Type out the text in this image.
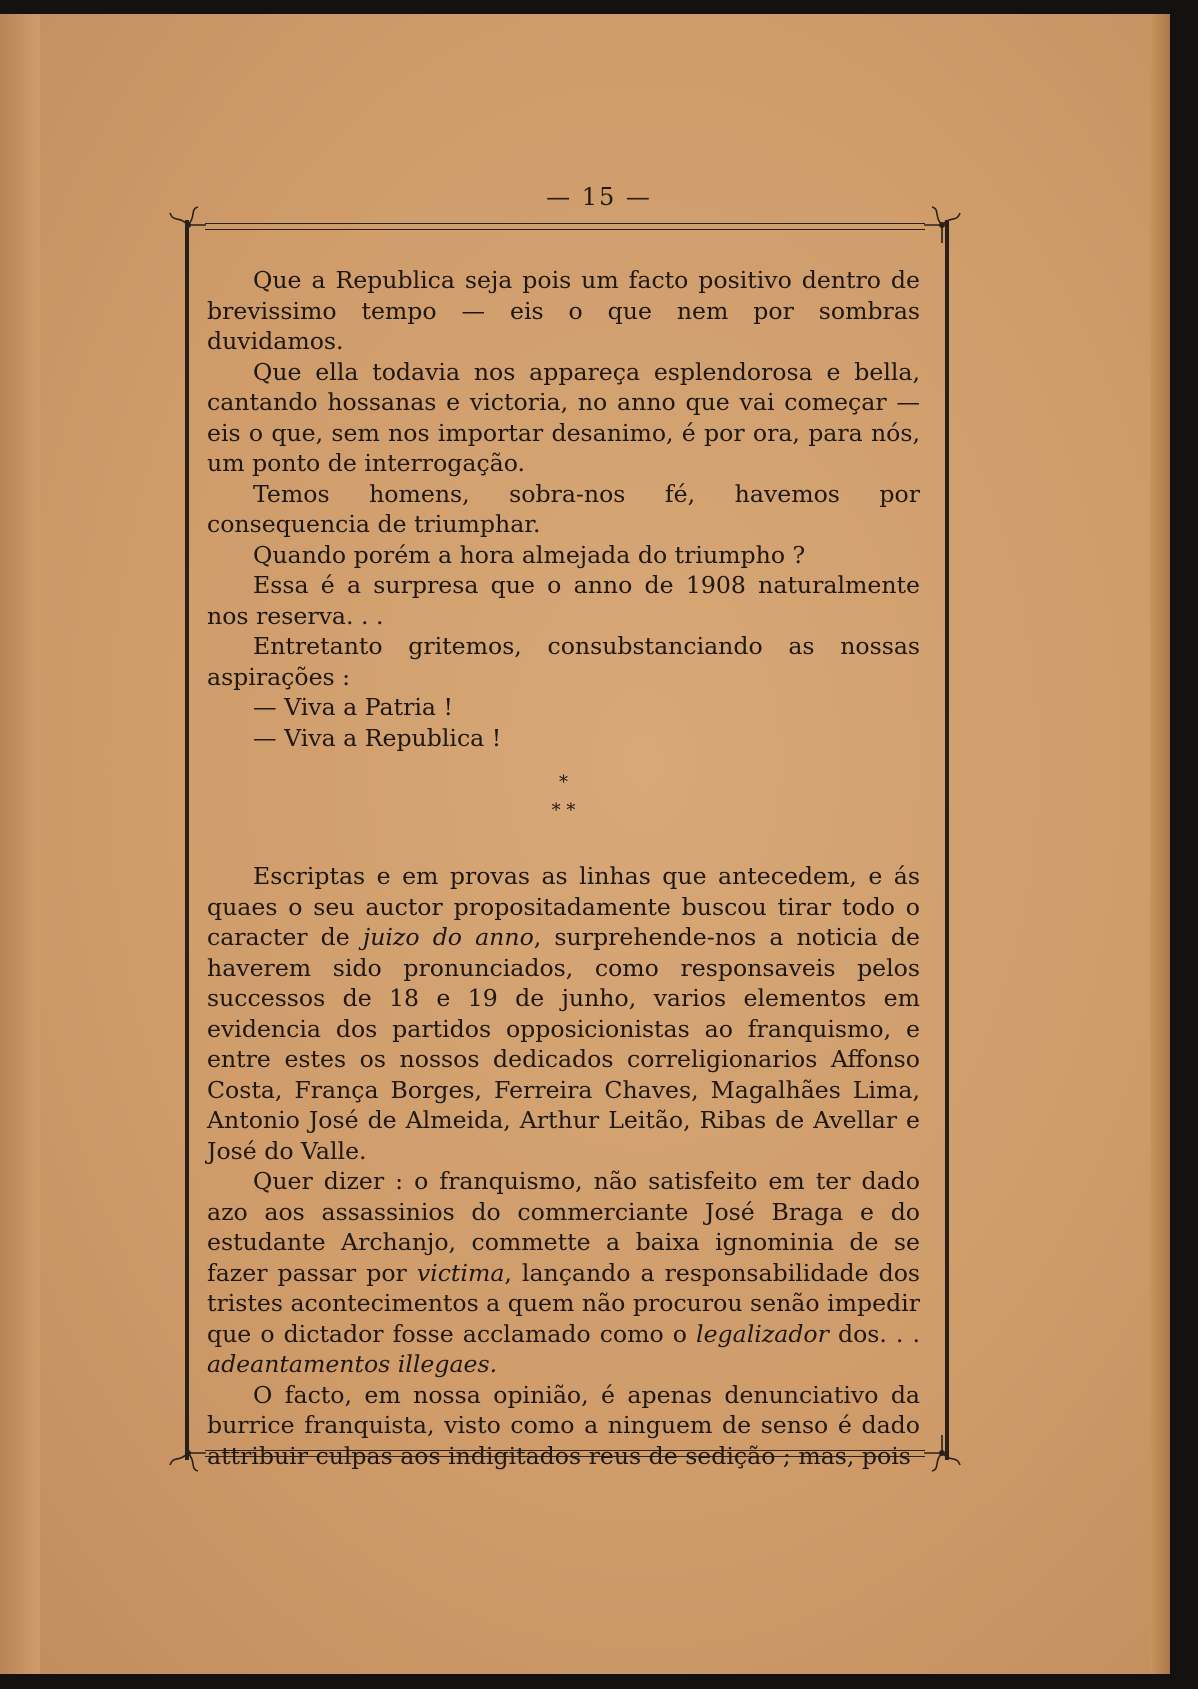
— 15 —

Que a Republica seja pois um facto positivo dentro de brevissimo tempo — eis o que nem por sombras duvidamos.

Que ella todavia nos appareça esplendorosa e bella, cantando hossanas e victoria, no anno que vai começar — eis o que, sem nos importar desanimo, é por ora, para nós, um ponto de interrogação.

Temos homens, sobra-nos fé, havemos por consequencia de triumphar.

Quando porém a hora almejada do triumpho ?

Essa é a surpresa que o anno de 1908 naturalmente nos reserva. . .

Entretanto gritemos, consubstanciando as nossas aspirações :

— Viva a Patria !

— Viva a Republica !

*
* *

Escriptas e em provas as linhas que antecedem, e ás quaes o seu auctor propositadamente buscou tirar todo o caracter de juizo do anno, surprehende-nos a noticia de haverem sido pronunciados, como responsaveis pelos successos de 18 e 19 de junho, varios elementos em evidencia dos partidos opposicionistas ao franquismo, e entre estes os nossos dedicados correligionarios Affonso Costa, França Borges, Ferreira Chaves, Magalhães Lima, Antonio José de Almeida, Arthur Leitão, Ribas de Avellar e José do Valle.

Quer dizer : o franquismo, não satisfeito em ter dado azo aos assassinios do commerciante José Braga e do estudante Archanjo, commette a baixa ignominia de se fazer passar por victima, lançando a responsabilidade dos tristes acontecimentos a quem não procurou senão impedir que o dictador fosse acclamado como o legalizador dos. . . adeantamentos illegaes.

O facto, em nossa opinião, é apenas denunciativo da burrice franquista, visto como a ninguem de senso é dado attribuir culpas aos indigitados reus de sedição ; mas, pois
